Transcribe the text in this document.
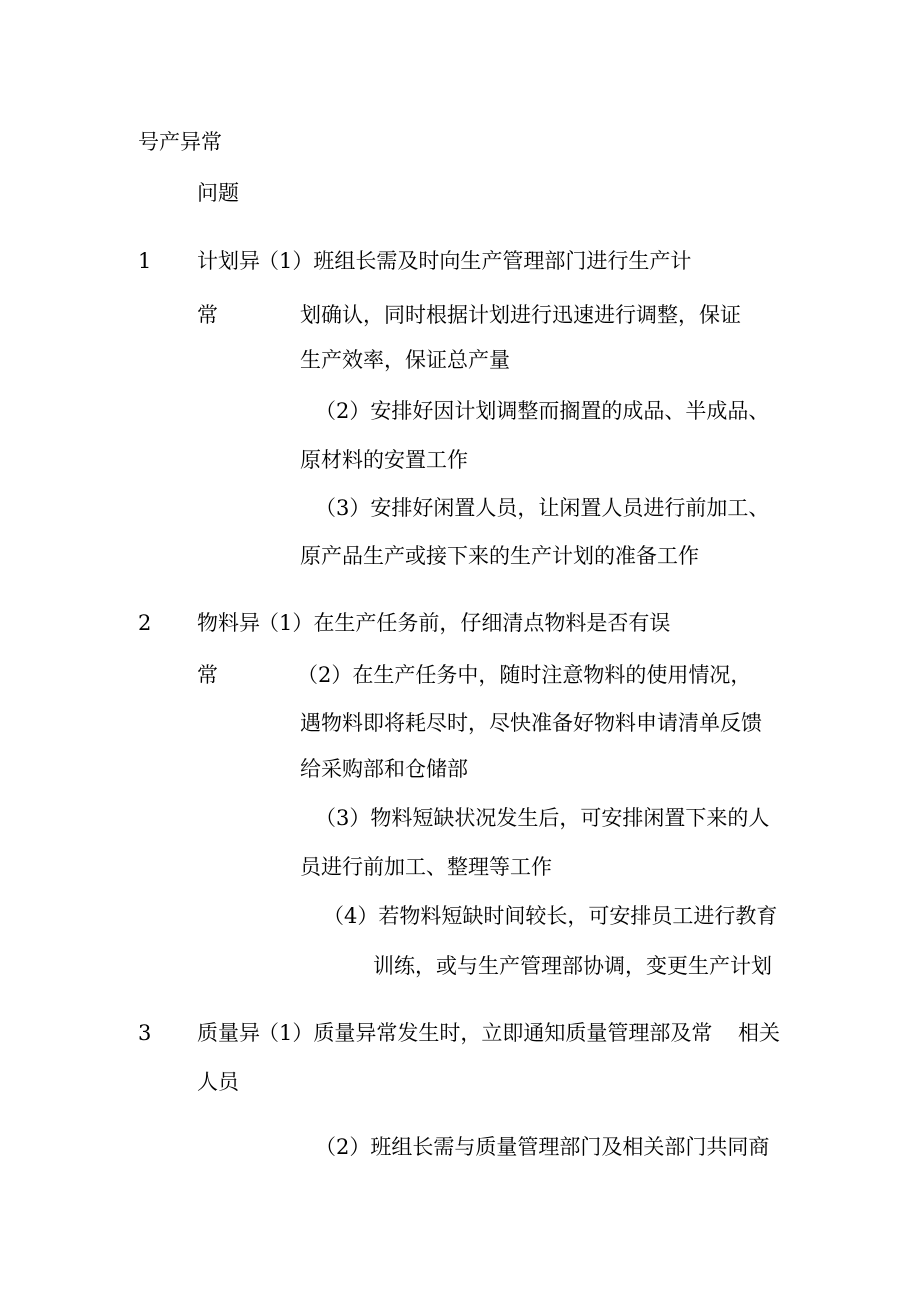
号产异常
问题
1 计划异
（1）班组长需及时向生产管理部门进行生产计
常	划确认，同时根据计划进行迅速进行调整，保证
生产效率，保证总产量
（2）安排好因计划调整而搁置的成品、半成品、
原材料的安置工作
（3）安排好闲置人员，让闲置人员进行前加工、
原产品生产或接下来的生产计划的准备工作
2 物料异
（1）在生产任务前，仔细清点物料是否有误
常	（2）在生产任务中，随时注意物料的使用情况，
遇物料即将耗尽时，尽快准备好物料申请清单反馈
给采购部和仓储部
（3）物料短缺状况发生后，可安排闲置下来的人
员进行前加工、整理等工作
（4）若物料短缺时间较长，可安排员工进行教育
训练，或与生产管理部协调，变更生产计划
3 质量异
（1）质量异常发生时，立即通知质量管理部及常 相关
人员
（2）班组长需与质量管理部门及相关部门共同商
